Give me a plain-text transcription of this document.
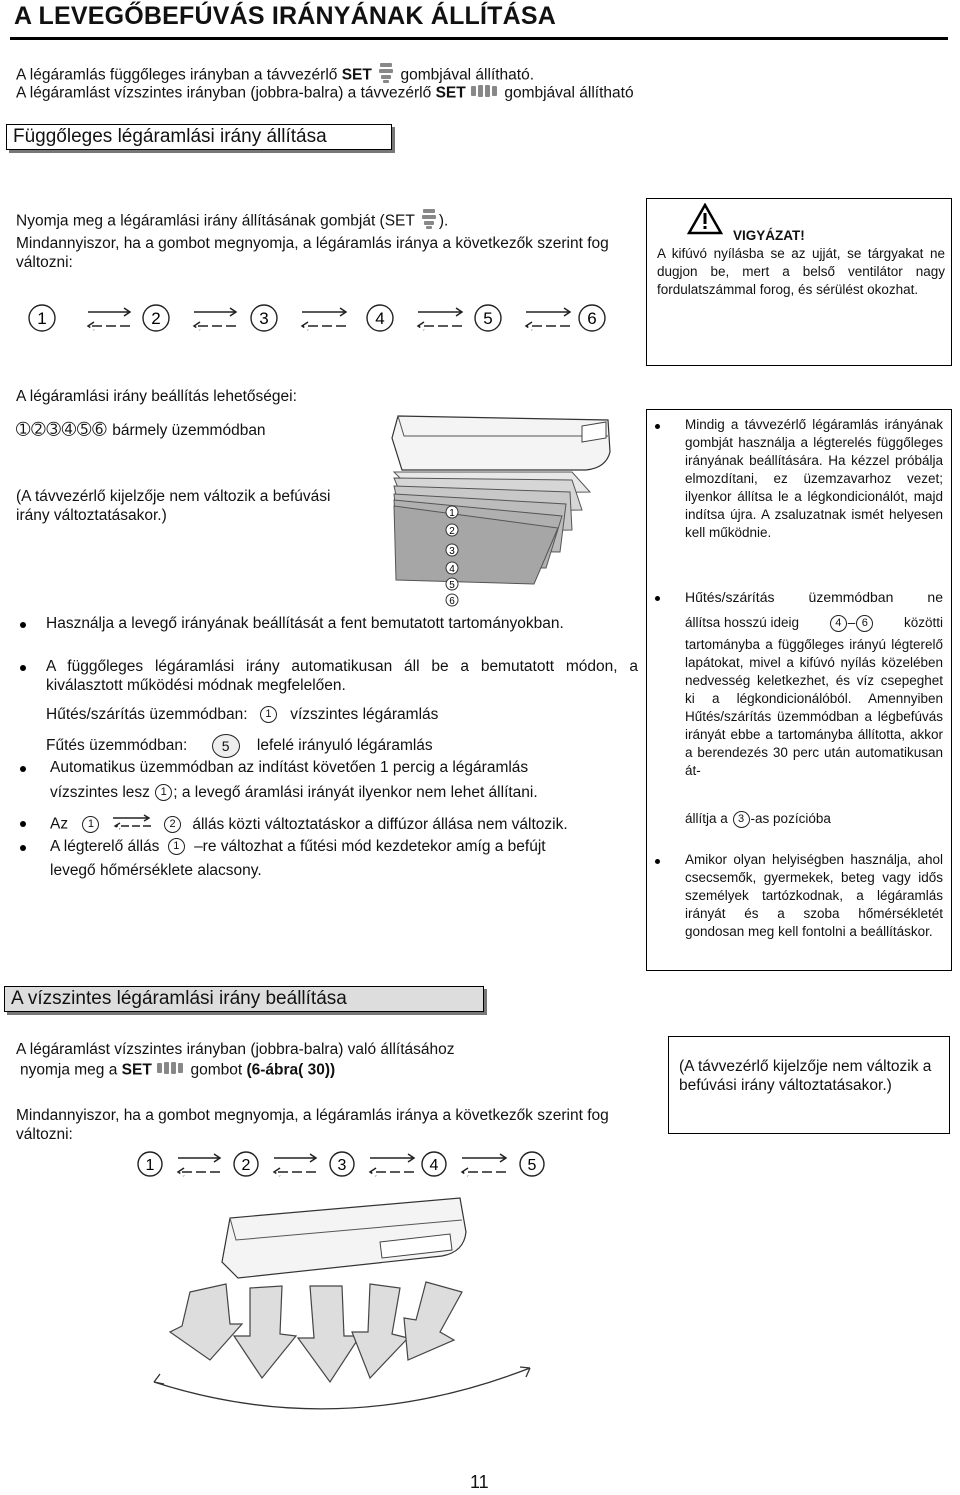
A LEVEGŐBEFÚVÁS IRÁNYÁNAK ÁLLÍTÁSA
A légáramlás függőleges irányban a távvezérlő SET  gombjával állítható.
A légáramlást vízszintes irányban (jobbra-balra) a távvezérlő SET  gombjával állítható
Függőleges légáramlási irány állítása
Nyomja meg a légáramlási irány állításának gombját (SET ).
Mindannyiszor, ha a gombot megnyomja, a légáramlás iránya a következők szerint fog változni:
1	2	3	4	5	6
VIGYÁZAT!
A kifúvó nyílásba se az ujját, se tárgyakat ne dugjon be, mert a belső ventilátor nagy fordulatszámmal forog, és sérülést okozhat.
A légáramlási irány beállítás lehetőségei:
➀➁➂➃➄➅ bármely üzemmódban
(A távvezérlő kijelzője nem változik a befúvási irány változtatásakor.)	1
2
3
4
5
6
Használja a levegő irányának beállítását a fent bemutatott tartományokban.
A függőleges légáramlási irány automatikusan áll be a bemutatott módon, a kiválasztott működési módnak megfelelően.
Hűtés/szárítás üzemmódban: 1 vízszintes légáramlás
Fűtés üzemmódban: 5 lefelé irányuló légáramlás
Automatikus üzemmódban az indítást követően 1 percig a légáramlás
vízszintes lesz 1 ; a levegő áramlási irányát ilyenkor nem lehet állítani.
Az 1	2 állás közti változtatáskor a diffúzor állása nem változik.
A légterelő állás 1 –re változhat a fűtési mód kezdetekor amíg a befújt
levegő hőmérséklete alacsony.
Mindig a távvezérlő légáramlás irányának gombját használja a légterelés függőleges irányának beállítására. Ha kézzel próbálja elmozdítani, ez üzemzavarhoz vezet; ilyenkor állítsa le a légkondicionálót, majd indítsa újra. A zsaluzatnak ismét helyesen kell működnie.
Hűtés/szárítás üzemmódban ne
állítsa hosszú ideig	4 – 6	közötti
tartományba a függőleges irányú légterelő lapátokat, mivel a kifúvó nyílás közelében nedvesség keletkezhet, és víz csepeghet ki a légkondicionálóból. Amennyiben Hűtés/szárítás üzemmódban a légbefúvás irányát ebbe a tartományba állította, akkor a berendezés 30 perc után automatikusan át-
állítja a 3 -as pozícióba
Amikor olyan helyiségben használja, ahol csecsemők, gyermekek, beteg vagy idős személyek tartózkodnak, a légáramlás irányát és a szoba hőmérsékletét gondosan meg kell fontolni a beállításkor.
A vízszintes légáramlási irány beállítása
A légáramlást vízszintes irányban (jobbra-balra) való állításához
nyomja meg a SET  gombot (6-ábra( 30))
Mindannyiszor, ha a gombot megnyomja, a légáramlás iránya a következők szerint fog változni:
(A távvezérlő kijelzője nem változik a befúvási irány változtatásakor.)
1	2	3	4	5
11
